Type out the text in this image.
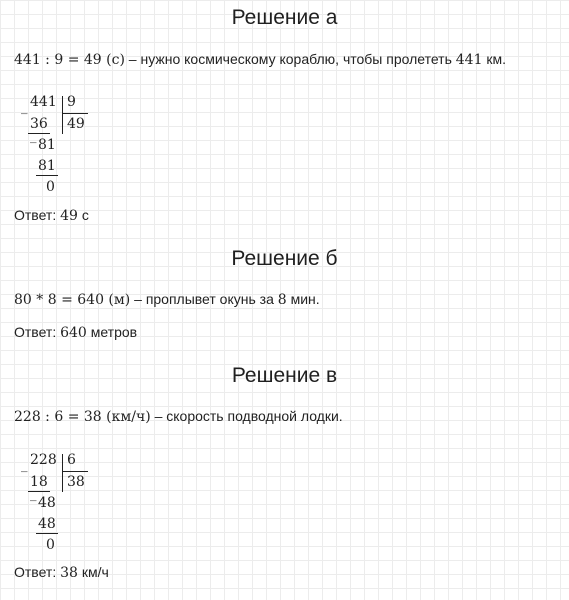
Решение а
441 : 9 = 49 (с) – нужно космическому кораблю, чтобы пролететь 441 км.
441 9
49
_
36
_
81
81
0
Ответ: 49 с
Решение б
80 * 8 = 640 (м) – проплывет окунь за 8 мин.
Ответ: 640 метров
Решение в
228 : 6 = 38 (км/ч) – скорость подводной лодки.
228 6
38
_
18
_
48
48
0
Ответ: 38 км/ч
